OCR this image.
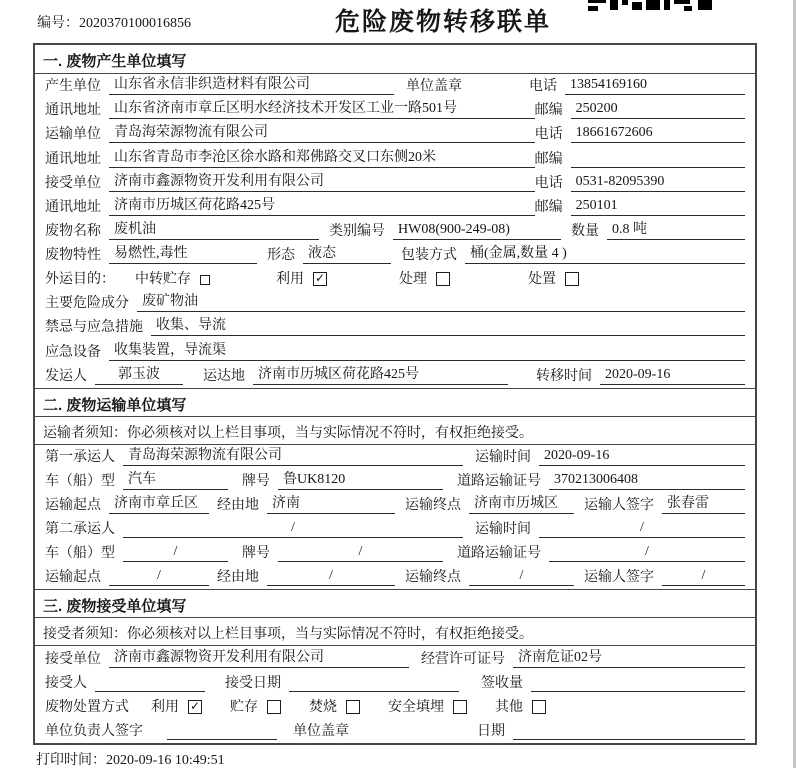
编号：2020370100016856	危险废物转移联单
一. 废物产生单位填写
产生单位 山东省永信非织造材料有限公司	单位盖章	电话 13854169160
通讯地址 山东省济南市章丘区明水经济技术开发区工业一路501号	邮编 250200
运输单位 青岛海荣源物流有限公司	电话 18661672606
通讯地址 山东省青岛市李沧区徐水路和郑佛路交叉口东侧20米	邮编
接受单位 济南市鑫源物资开发利用有限公司	电话 0531-82095390
通讯地址 济南市历城区荷花路425号	邮编 250101
废物名称 废机油	类别编号 HW08(900-249-08)	数量 0.8 吨
废物特性 易燃性,毒性	形态 液态	包装方式 桶(金属,数量 4 )
外运目的： 中转贮存	利用 ✓	处理	处置
主要危险成分 废矿物油
禁忌与应急措施 收集、导流
应急设备 收集装置，导流渠
发运人	郭玉波	运达地 济南市历城区荷花路425号	转移时间 2020-09-16
二. 废物运输单位填写
运输者须知：你必须核对以上栏目事项，当与实际情况不符时，有权拒绝接受。
第一承运人 青岛海荣源物流有限公司	运输时间 2020-09-16
车（船）型 汽车	牌号 鲁UK8120	道路运输证号 370213006408
运输起点 济南市章丘区	经由地 济南	运输终点 济南市历城区	运输人签字 张春雷
第二承运人	/	运输时间	/
车（船）型	/	牌号	/	道路运输证号	/
运输起点	/	经由地	/	运输终点	/	运输人签字	/
三. 废物接受单位填写
接受者须知：你必须核对以上栏目事项，当与实际情况不符时，有权拒绝接受。
接受单位 济南市鑫源物资开发利用有限公司	经营许可证号 济南危证02号
接受人	接受日期	签收量
废物处置方式 利用 ✓ 贮存	焚烧	安全填埋	其他
单位负责人签字	单位盖章	日期
打印时间：2020-09-16 10:49:51
